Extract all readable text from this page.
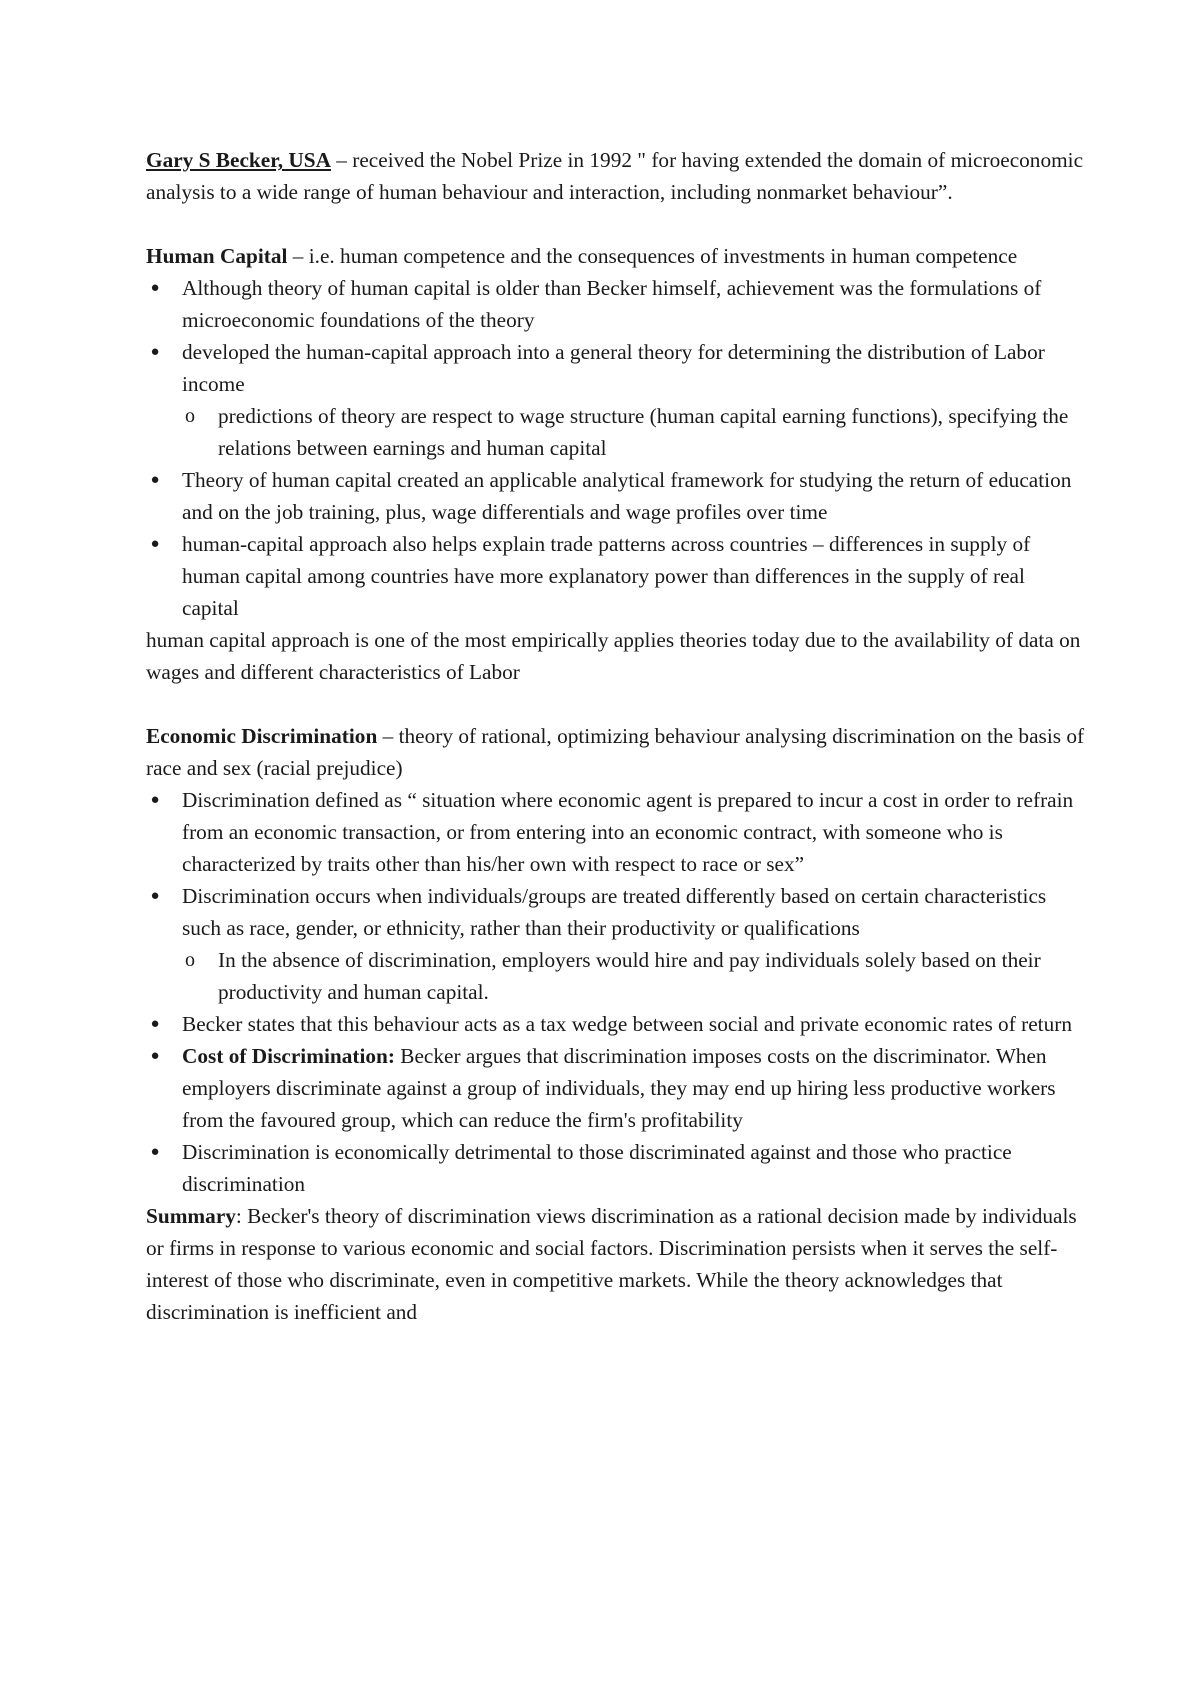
Gary S Becker, USA – received the Nobel Prize in 1992 " for having extended the domain of microeconomic analysis to a wide range of human behaviour and interaction, including nonmarket behaviour”.

Human Capital – i.e. human competence and the consequences of investments in human competence

● Although theory of human capital is older than Becker himself, achievement was the formulations of microeconomic foundations of the theory
● developed the human-capital approach into a general theory for determining the distribution of Labor income
o predictions of theory are respect to wage structure (human capital earning functions), specifying the relations between earnings and human capital
● Theory of human capital created an applicable analytical framework for studying the return of education and on the job training, plus, wage differentials and wage profiles over time
● human-capital approach also helps explain trade patterns across countries – differences in supply of human capital among countries have more explanatory power than differences in the supply of real capital

human capital approach is one of the most empirically applies theories today due to the availability of data on wages and different characteristics of Labor

Economic Discrimination – theory of rational, optimizing behaviour analysing discrimination on the basis of race and sex (racial prejudice)

● Discrimination defined as “ situation where economic agent is prepared to incur a cost in order to refrain from an economic transaction, or from entering into an economic contract, with someone who is characterized by traits other than his/her own with respect to race or sex”
● Discrimination occurs when individuals/groups are treated differently based on certain characteristics such as race, gender, or ethnicity, rather than their productivity or qualifications
o In the absence of discrimination, employers would hire and pay individuals solely based on their productivity and human capital.
● Becker states that this behaviour acts as a tax wedge between social and private economic rates of return
● Cost of Discrimination: Becker argues that discrimination imposes costs on the discriminator. When employers discriminate against a group of individuals, they may end up hiring less productive workers from the favoured group, which can reduce the firm's profitability
● Discrimination is economically detrimental to those discriminated against and those who practice discrimination

Summary: Becker's theory of discrimination views discrimination as a rational decision made by individuals or firms in response to various economic and social factors. Discrimination persists when it serves the self-interest of those who discriminate, even in competitive markets. While the theory acknowledges that discrimination is inefficient and
